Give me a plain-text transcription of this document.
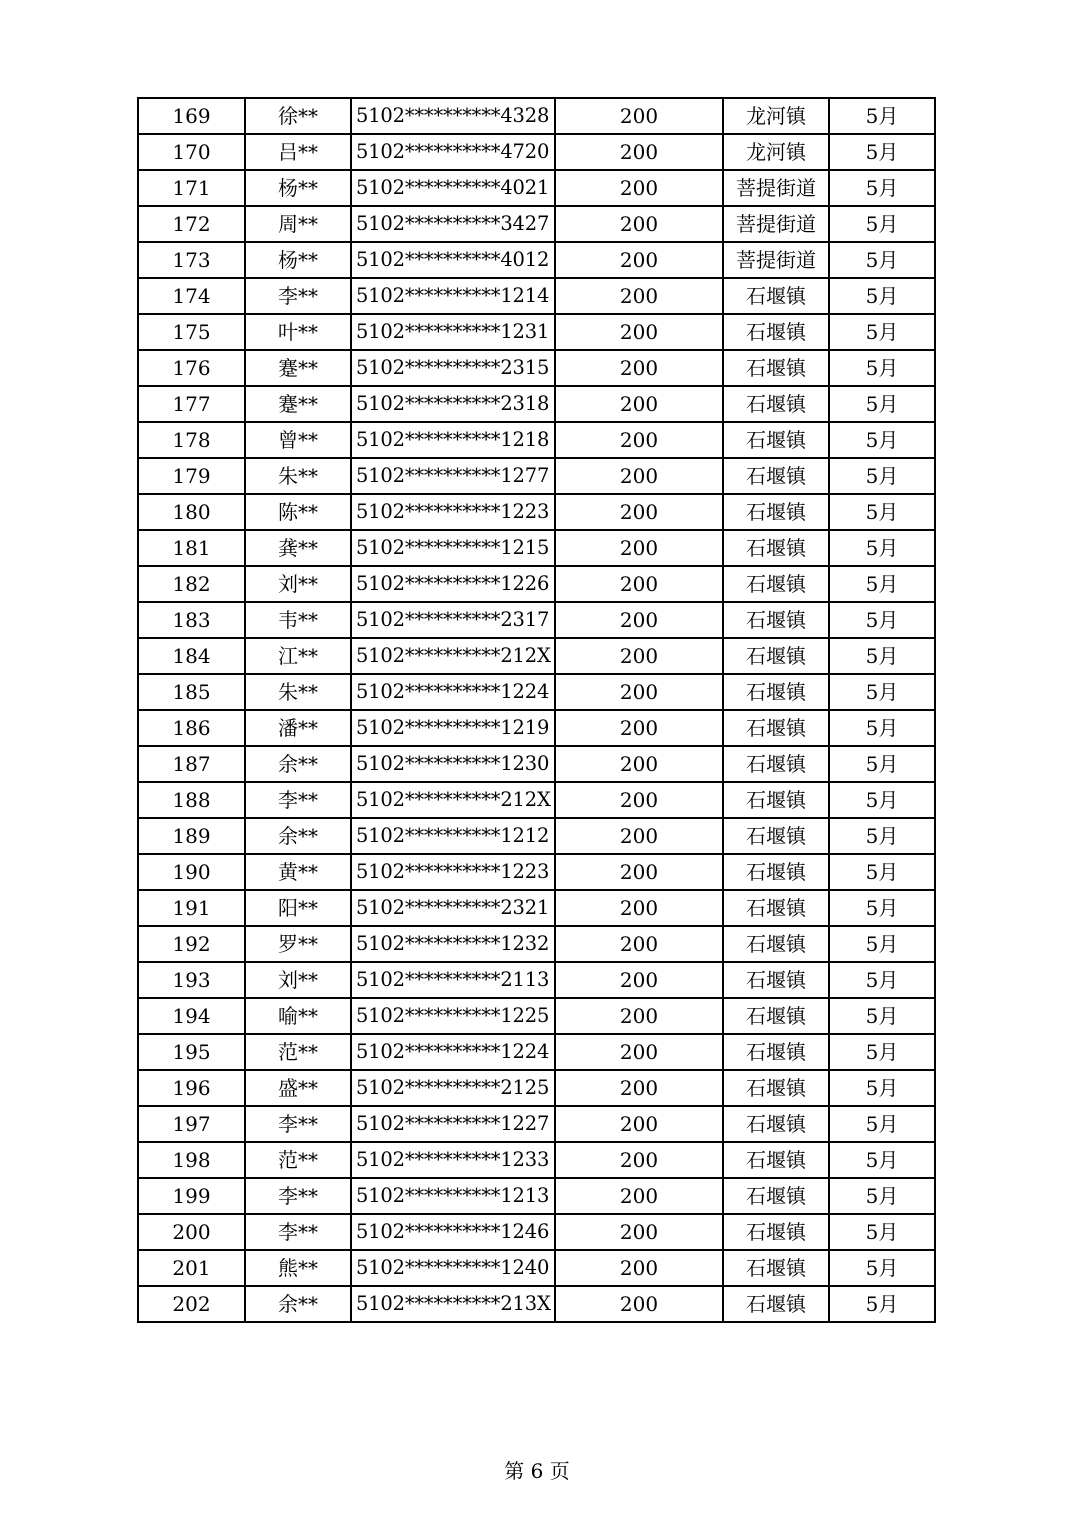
169	徐**	5102**********4328	200	龙河镇	5月
170	吕**	5102**********4720	200	龙河镇	5月
171	杨**	5102**********4021	200	菩提街道	5月
172	周**	5102**********3427	200	菩提街道	5月
173	杨**	5102**********4012	200	菩提街道	5月
174	李**	5102**********1214	200	石堰镇	5月
175	叶**	5102**********1231	200	石堰镇	5月
176	蹇**	5102**********2315	200	石堰镇	5月
177	蹇**	5102**********2318	200	石堰镇	5月
178	曾**	5102**********1218	200	石堰镇	5月
179	朱**	5102**********1277	200	石堰镇	5月
180	陈**	5102**********1223	200	石堰镇	5月
181	龚**	5102**********1215	200	石堰镇	5月
182	刘**	5102**********1226	200	石堰镇	5月
183	韦**	5102**********2317	200	石堰镇	5月
184	江**	5102**********212X	200	石堰镇	5月
185	朱**	5102**********1224	200	石堰镇	5月
186	潘**	5102**********1219	200	石堰镇	5月
187	余**	5102**********1230	200	石堰镇	5月
188	李**	5102**********212X	200	石堰镇	5月
189	余**	5102**********1212	200	石堰镇	5月
190	黄**	5102**********1223	200	石堰镇	5月
191	阳**	5102**********2321	200	石堰镇	5月
192	罗**	5102**********1232	200	石堰镇	5月
193	刘**	5102**********2113	200	石堰镇	5月
194	喻**	5102**********1225	200	石堰镇	5月
195	范**	5102**********1224	200	石堰镇	5月
196	盛**	5102**********2125	200	石堰镇	5月
197	李**	5102**********1227	200	石堰镇	5月
198	范**	5102**********1233	200	石堰镇	5月
199	李**	5102**********1213	200	石堰镇	5月
200	李**	5102**********1246	200	石堰镇	5月
201	熊**	5102**********1240	200	石堰镇	5月
202	余**	5102**********213X	200	石堰镇	5月
第 6 页
